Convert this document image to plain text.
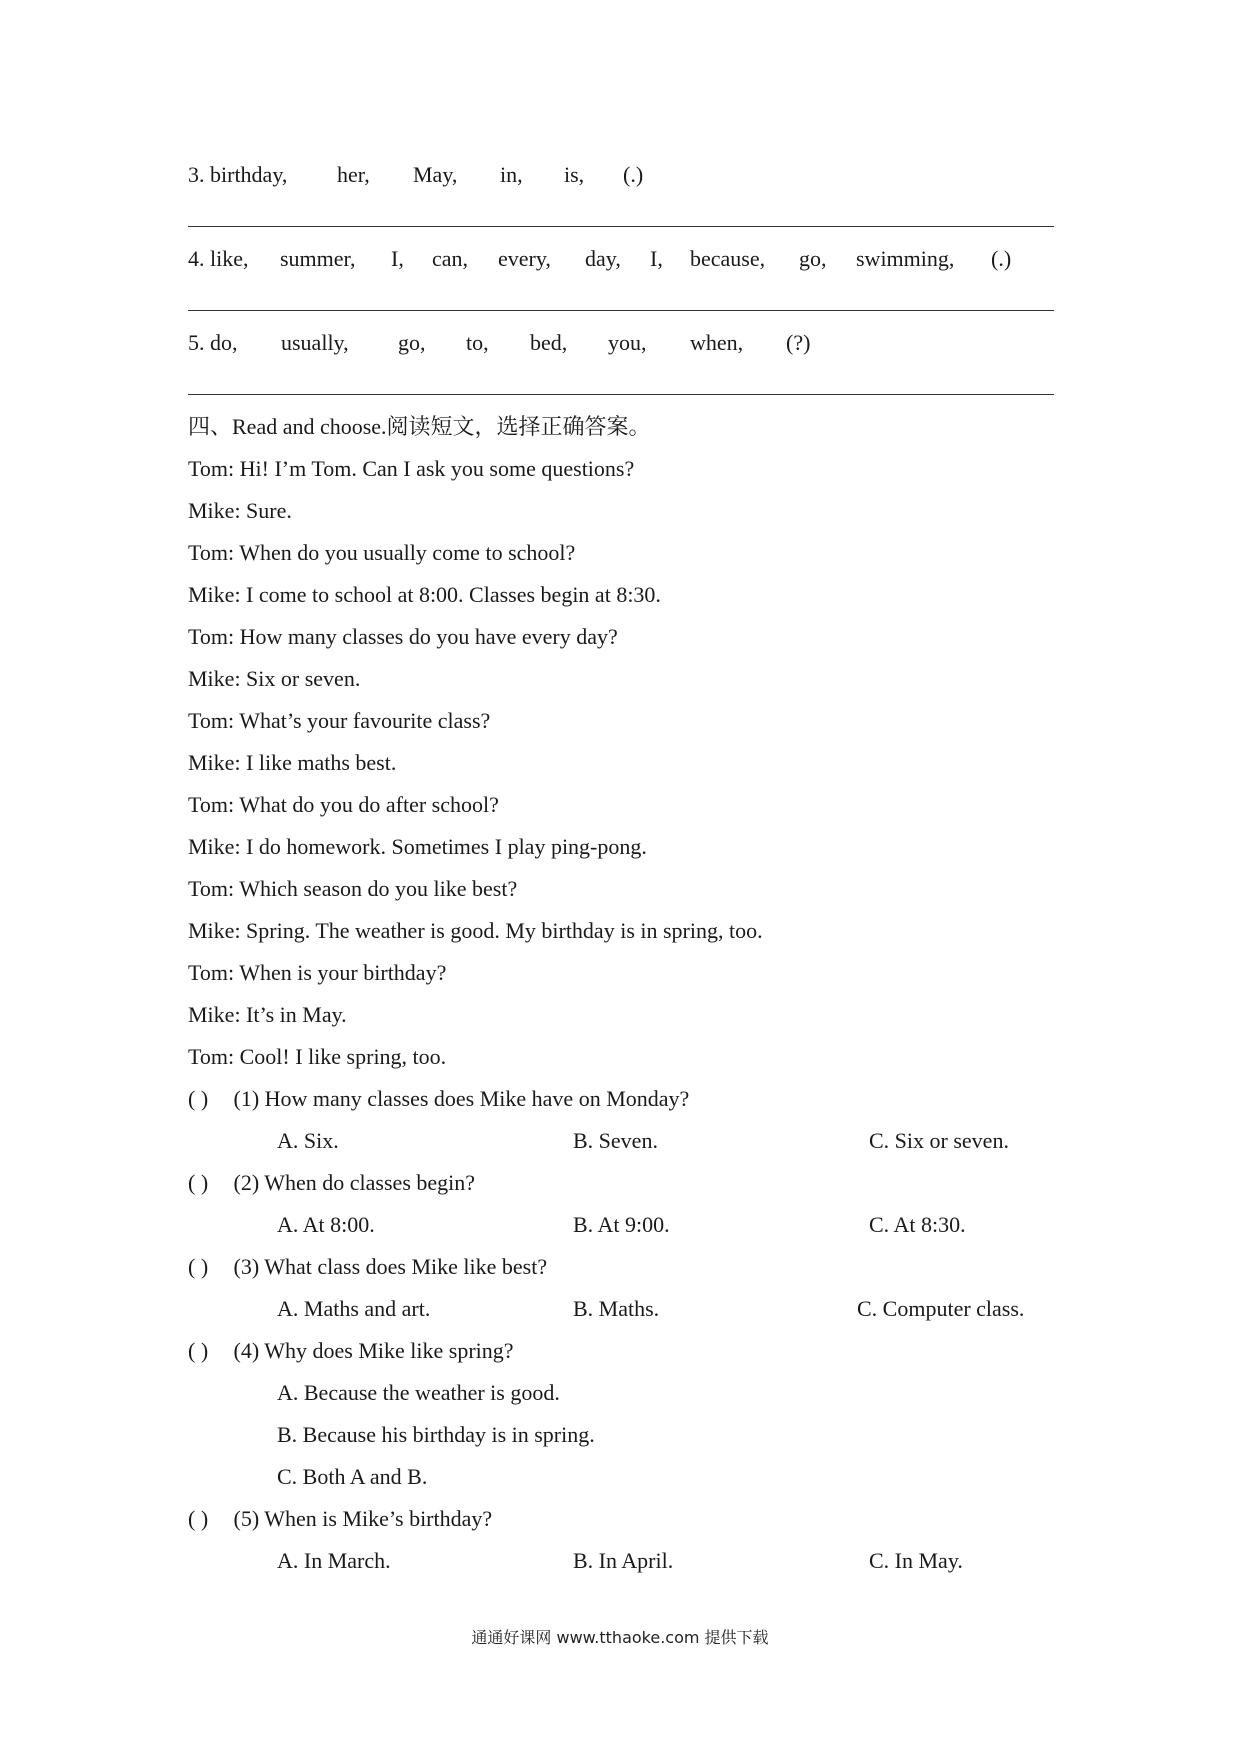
3. birthday, her, May, in, is, (.)
4. like, summer, I, can, every, day, I, because, go, swimming, (.)
5. do, usually, go, to, bed, you, when, (?)
四、Read and choose.阅读短文，选择正确答案。
Tom: Hi! I’m Tom. Can I ask you some questions?
Mike: Sure.
Tom: When do you usually come to school?
Mike: I come to school at 8:00. Classes begin at 8:30.
Tom: How many classes do you have every day?
Mike: Six or seven.
Tom: What’s your favourite class?
Mike: I like maths best.
Tom: What do you do after school?
Mike: I do homework. Sometimes I play ping-pong.
Tom: Which season do you like best?
Mike: Spring. The weather is good. My birthday is in spring, too.
Tom: When is your birthday?
Mike: It’s in May.
Tom: Cool! I like spring, too.
( ) (1) How many classes does Mike have on Monday?
A. Six.	B. Seven.	C. Six or seven.
( ) (2) When do classes begin?
A. At 8:00.	B. At 9:00.	C. At 8:30.
( ) (3) What class does Mike like best?
A. Maths and art.	B. Maths.	C. Computer class.
( ) (4) Why does Mike like spring?
A. Because the weather is good.
B. Because his birthday is in spring.
C. Both A and B.
( ) (5) When is Mike’s birthday?
A. In March.	B. In April.	C. In May.
通通好课网 www.tthaoke.com 提供下载
